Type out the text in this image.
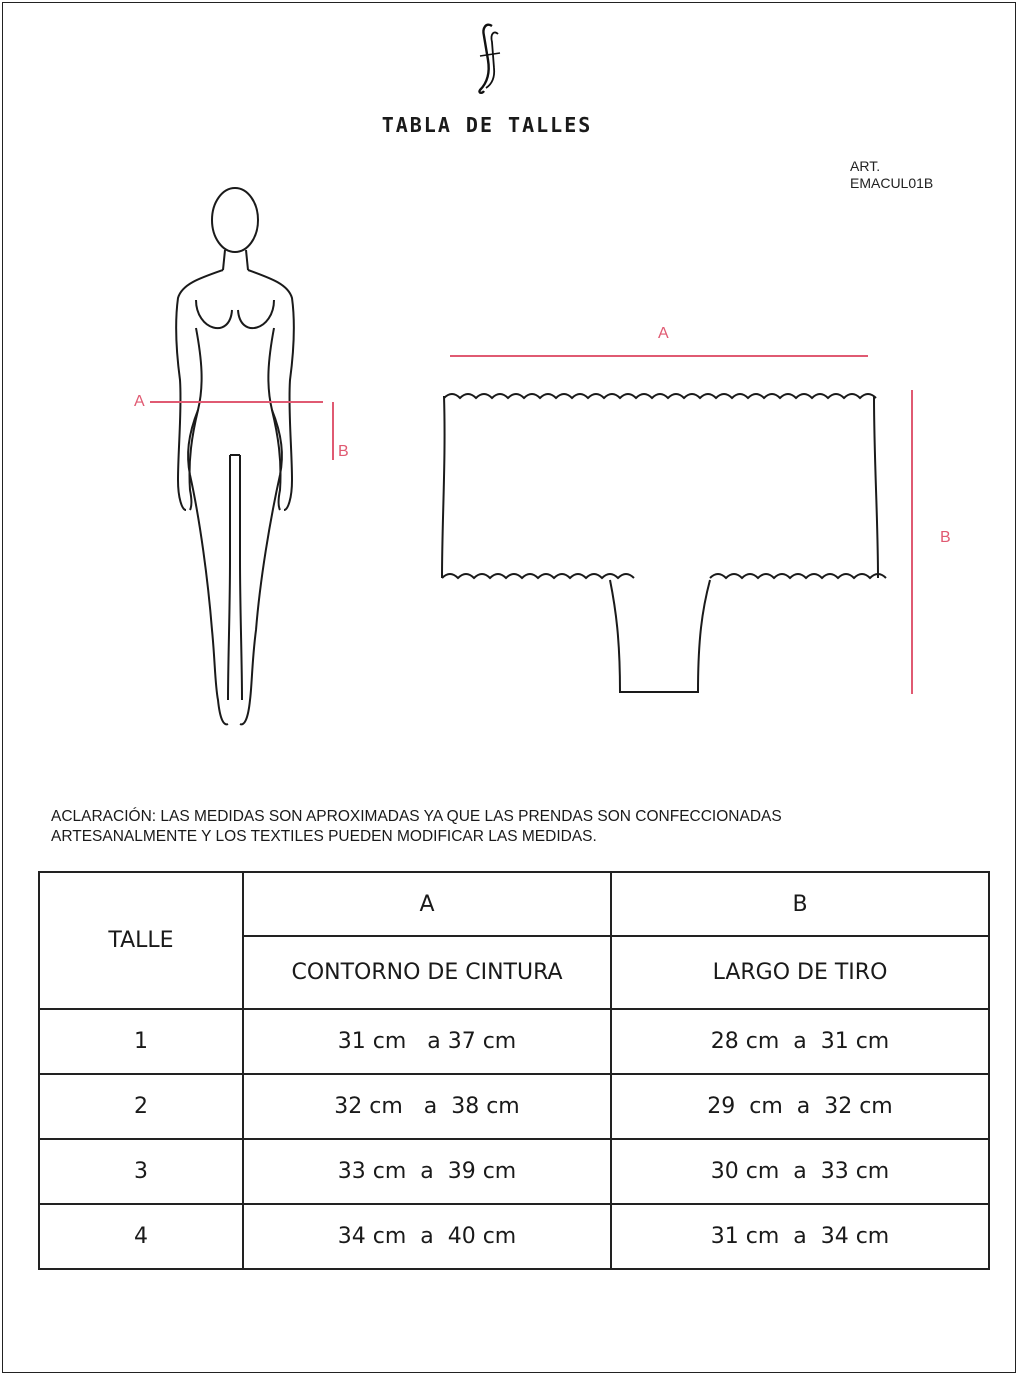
TABLA DE TALLES
ART.
EMACUL01B
A
B
A
B
ACLARACIÓN: LAS MEDIDAS SON APROXIMADAS YA QUE LAS PRENDAS SON CONFECCIONADAS
ARTESANALMENTE Y LOS TEXTILES PUEDEN MODIFICAR LAS MEDIDAS.
TALLE	A	B
	CONTORNO DE CINTURA	LARGO DE TIRO
1	31 cm   a 37 cm	28 cm  a  31 cm
2	32 cm   a  38 cm	29  cm  a  32 cm
3	33 cm  a  39 cm	30 cm  a  33 cm
4	34 cm  a  40 cm	31 cm  a  34 cm
